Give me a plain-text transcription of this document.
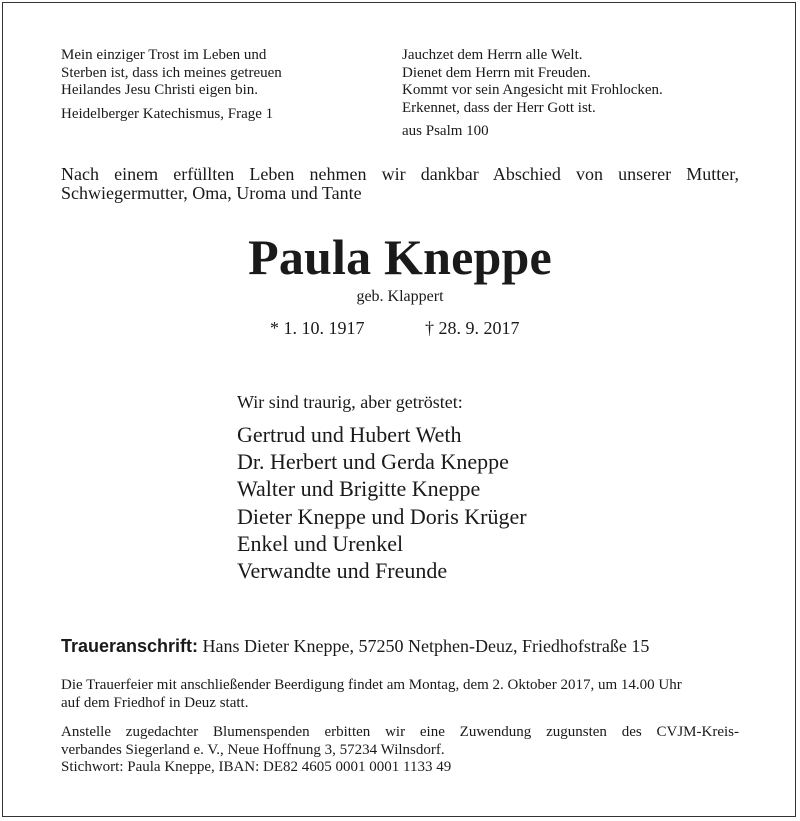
Mein einziger Trost im Leben und
Sterben ist, dass ich meines getreuen
Heilandes Jesu Christi eigen bin.
Heidelberger Katechismus, Frage 1
Jauchzet dem Herrn alle Welt.
Dienet dem Herrn mit Freuden.
Kommt vor sein Angesicht mit Frohlocken.
Erkennet, dass der Herr Gott ist.
aus Psalm 100
Nach einem erfüllten Leben nehmen wir dankbar Abschied von unserer Mutter,
Schwiegermutter, Oma, Uroma und Tante
Paula Kneppe
geb. Klappert
* 1. 10. 1917	† 28. 9. 2017
Wir sind traurig, aber getröstet:
Gertrud und Hubert Weth
Dr. Herbert und Gerda Kneppe
Walter und Brigitte Kneppe
Dieter Kneppe und Doris Krüger
Enkel und Urenkel
Verwandte und Freunde
Traueranschrift: Hans Dieter Kneppe, 57250 Netphen-Deuz, Friedhofstraße 15
Die Trauerfeier mit anschließender Beerdigung findet am Montag, dem 2. Oktober 2017, um 14.00 Uhr
auf dem Friedhof in Deuz statt.
Anstelle zugedachter Blumenspenden erbitten wir eine Zuwendung zugunsten des CVJM-Kreis-
verbandes Siegerland e. V., Neue Hoffnung 3, 57234 Wilnsdorf.
Stichwort: Paula Kneppe, IBAN: DE82 4605 0001 0001 1133 49
